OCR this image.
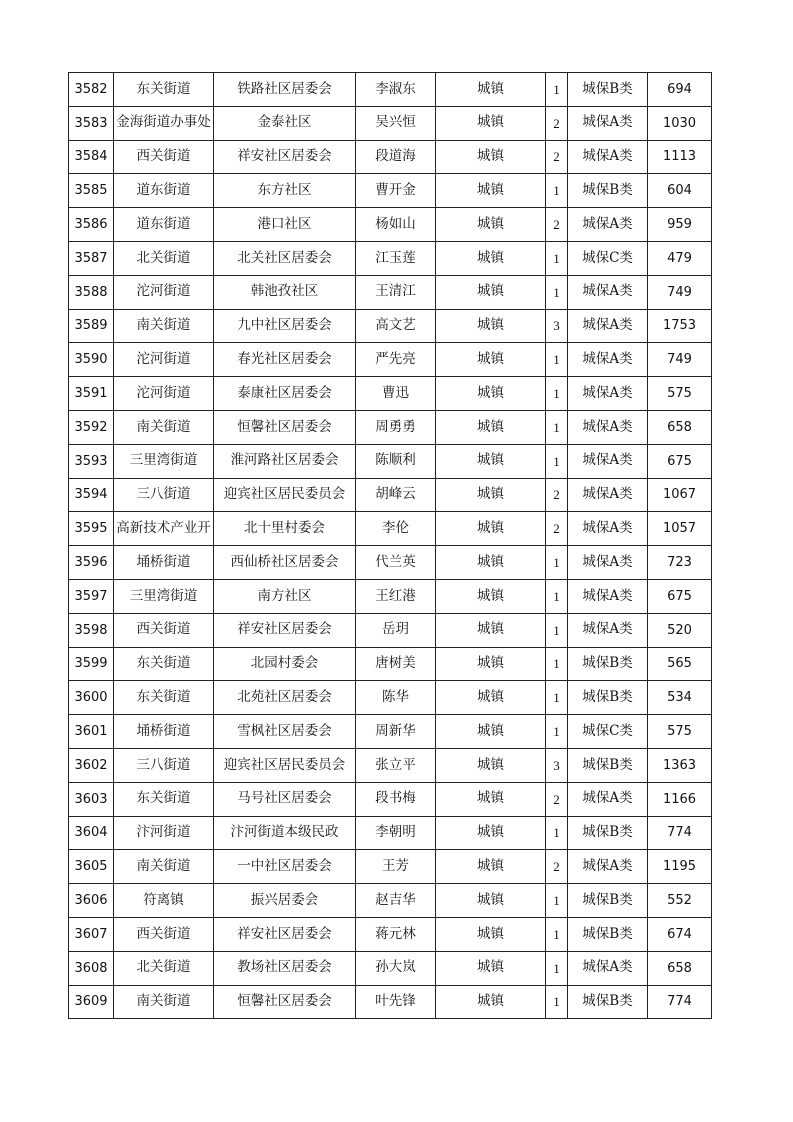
3582	东关街道	铁路社区居委会	李淑东	城镇	1	城保B类	694
3583	金海街道办事处	金泰社区	吴兴恒	城镇	2	城保A类	1030
3584	西关街道	祥安社区居委会	段道海	城镇	2	城保A类	1113
3585	道东街道	东方社区	曹开金	城镇	1	城保B类	604
3586	道东街道	港口社区	杨如山	城镇	2	城保A类	959
3587	北关街道	北关社区居委会	江玉莲	城镇	1	城保C类	479
3588	沱河街道	韩池孜社区	王清江	城镇	1	城保A类	749
3589	南关街道	九中社区居委会	高文艺	城镇	3	城保A类	1753
3590	沱河街道	春光社区居委会	严先亮	城镇	1	城保A类	749
3591	沱河街道	泰康社区居委会	曹迅	城镇	1	城保A类	575
3592	南关街道	恒馨社区居委会	周勇勇	城镇	1	城保A类	658
3593	三里湾街道	淮河路社区居委会	陈顺利	城镇	1	城保A类	675
3594	三八街道	迎宾社区居民委员会	胡峰云	城镇	2	城保A类	1067
3595	高新技术产业开	北十里村委会	李伦	城镇	2	城保A类	1057
3596	埇桥街道	西仙桥社区居委会	代兰英	城镇	1	城保A类	723
3597	三里湾街道	南方社区	王红港	城镇	1	城保A类	675
3598	西关街道	祥安社区居委会	岳玥	城镇	1	城保A类	520
3599	东关街道	北园村委会	唐树美	城镇	1	城保B类	565
3600	东关街道	北苑社区居委会	陈华	城镇	1	城保B类	534
3601	埇桥街道	雪枫社区居委会	周新华	城镇	1	城保C类	575
3602	三八街道	迎宾社区居民委员会	张立平	城镇	3	城保B类	1363
3603	东关街道	马号社区居委会	段书梅	城镇	2	城保A类	1166
3604	汴河街道	汴河街道本级民政	李朝明	城镇	1	城保B类	774
3605	南关街道	一中社区居委会	王芳	城镇	2	城保A类	1195
3606	符离镇	振兴居委会	赵吉华	城镇	1	城保B类	552
3607	西关街道	祥安社区居委会	蒋元林	城镇	1	城保B类	674
3608	北关街道	教场社区居委会	孙大岚	城镇	1	城保A类	658
3609	南关街道	恒馨社区居委会	叶先锋	城镇	1	城保B类	774
